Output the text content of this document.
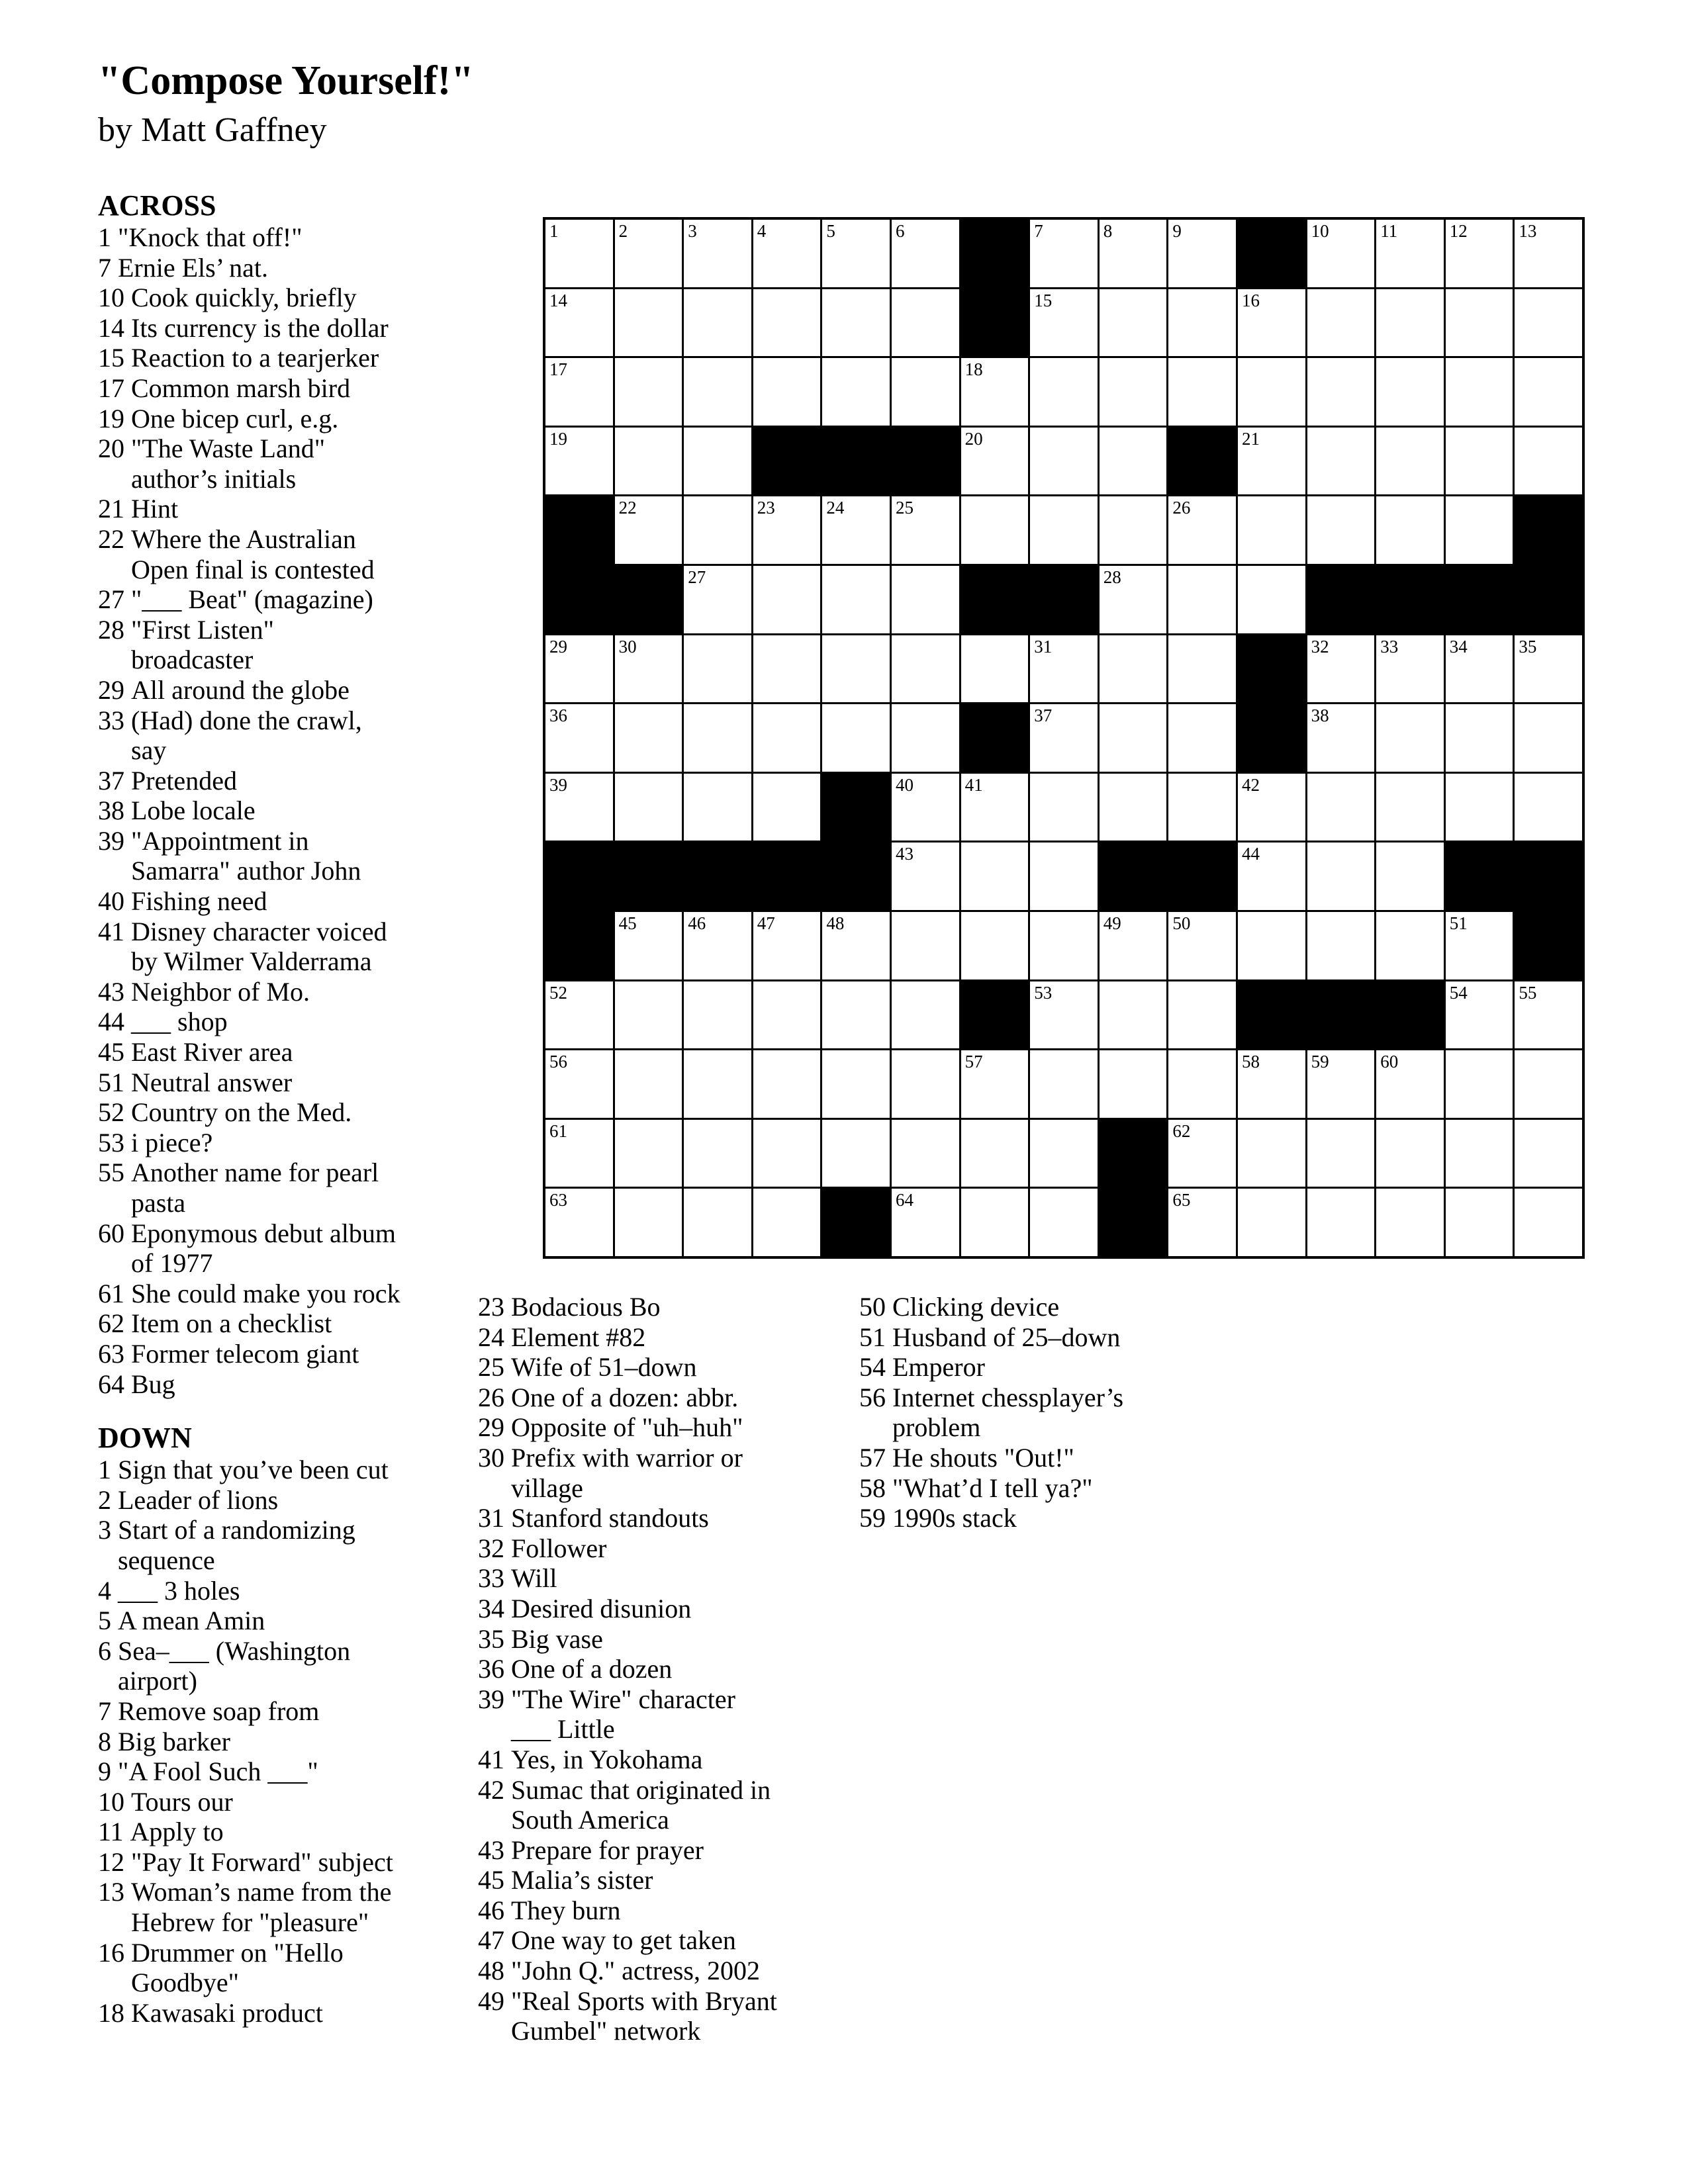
"Compose Yourself!"
by Matt Gaffney
ACROSS
1 "Knock that off!"
7 Ernie Els’ nat.
10 Cook quickly, briefly
14 Its currency is the dollar
15 Reaction to a tearjerker
17 Common marsh bird
19 One bicep curl, e.g.
20 "The Waste Land"
author’s initials
21 Hint
22 Where the Australian
Open final is contested
27 "___ Beat" (magazine)
28 "First Listen"
broadcaster
29 All around the globe
33 (Had) done the crawl,
say
37 Pretended
38 Lobe locale
39 "Appointment in
Samarra" author John
40 Fishing need
41 Disney character voiced
by Wilmer Valderrama
43 Neighbor of Mo.
44 ___ shop
45 East River area
51 Neutral answer
52 Country on the Med.
53 i piece?
55 Another name for pearl
pasta
60 Eponymous debut album
of 1977
61 She could make you rock
62 Item on a checklist
63 Former telecom giant
64 Bug
DOWN
1 Sign that you’ve been cut
2 Leader of lions
3 Start of a randomizing
sequence
4 ___ 3 holes
5 A mean Amin
6 Sea–___ (Washington
airport)
7 Remove soap from
8 Big barker
9 "A Fool Such ___"
10 Tours our
11 Apply to
12 "Pay It Forward" subject
13 Woman’s name from the
Hebrew for "pleasure"
16 Drummer on "Hello
Goodbye"
18 Kawasaki product
23 Bodacious Bo
24 Element #82
25 Wife of 51–down
26 One of a dozen: abbr.
29 Opposite of "uh–huh"
30 Prefix with warrior or
village
31 Stanford standouts
32 Follower
33 Will
34 Desired disunion
35 Big vase
36 One of a dozen
39 "The Wire" character
___ Little
41 Yes, in Yokohama
42 Sumac that originated in
South America
43 Prepare for prayer
45 Malia’s sister
46 They burn
47 One way to get taken
48 "John Q." actress, 2002
49 "Real Sports with Bryant
Gumbel" network
50 Clicking device
51 Husband of 25–down
54 Emperor
56 Internet chessplayer’s
problem
57 He shouts "Out!"
58 "What’d I tell ya?"
59 1990s stack
1	2	3	4	5	6	7	8	9	10	11	12	13
14	15	16
17	18
19	20	21
22	23	24	25	26
27	28
29	30	31	32	33	34	35
36	37	38
39	40	41	42
43	44
45	46	47	48	49	50	51
52	53	54	55
56	57	58	59	60
61	62
63	64	65
